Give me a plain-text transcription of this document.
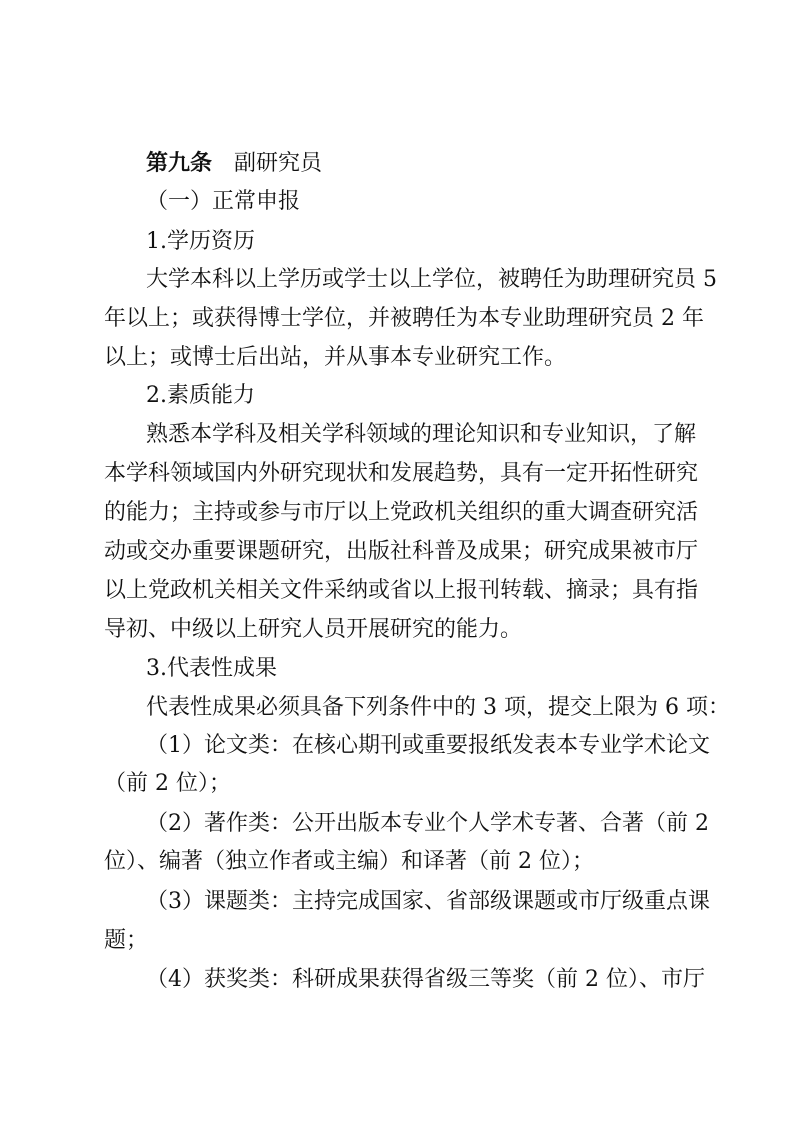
第九条 副研究员
（一）正常申报
1.学历资历
大学本科以上学历或学士以上学位，被聘任为助理研究员 5
年以上；或获得博士学位，并被聘任为本专业助理研究员 2 年
以上；或博士后出站，并从事本专业研究工作。
2.素质能力
熟悉本学科及相关学科领域的理论知识和专业知识，了解
本学科领域国内外研究现状和发展趋势，具有一定开拓性研究
的能力；主持或参与市厅以上党政机关组织的重大调查研究活
动或交办重要课题研究，出版社科普及成果；研究成果被市厅
以上党政机关相关文件采纳或省以上报刊转载、摘录；具有指
导初、中级以上研究人员开展研究的能力。
3.代表性成果
代表性成果必须具备下列条件中的 3 项，提交上限为 6 项：
（1）论文类：在核心期刊或重要报纸发表本专业学术论文
（前 2 位）；
（2）著作类：公开出版本专业个人学术专著、合著（前 2
位）、编著（独立作者或主编）和译著（前 2 位）；
（3）课题类：主持完成国家、省部级课题或市厅级重点课
题；
（4）获奖类：科研成果获得省级三等奖（前 2 位）、市厅
